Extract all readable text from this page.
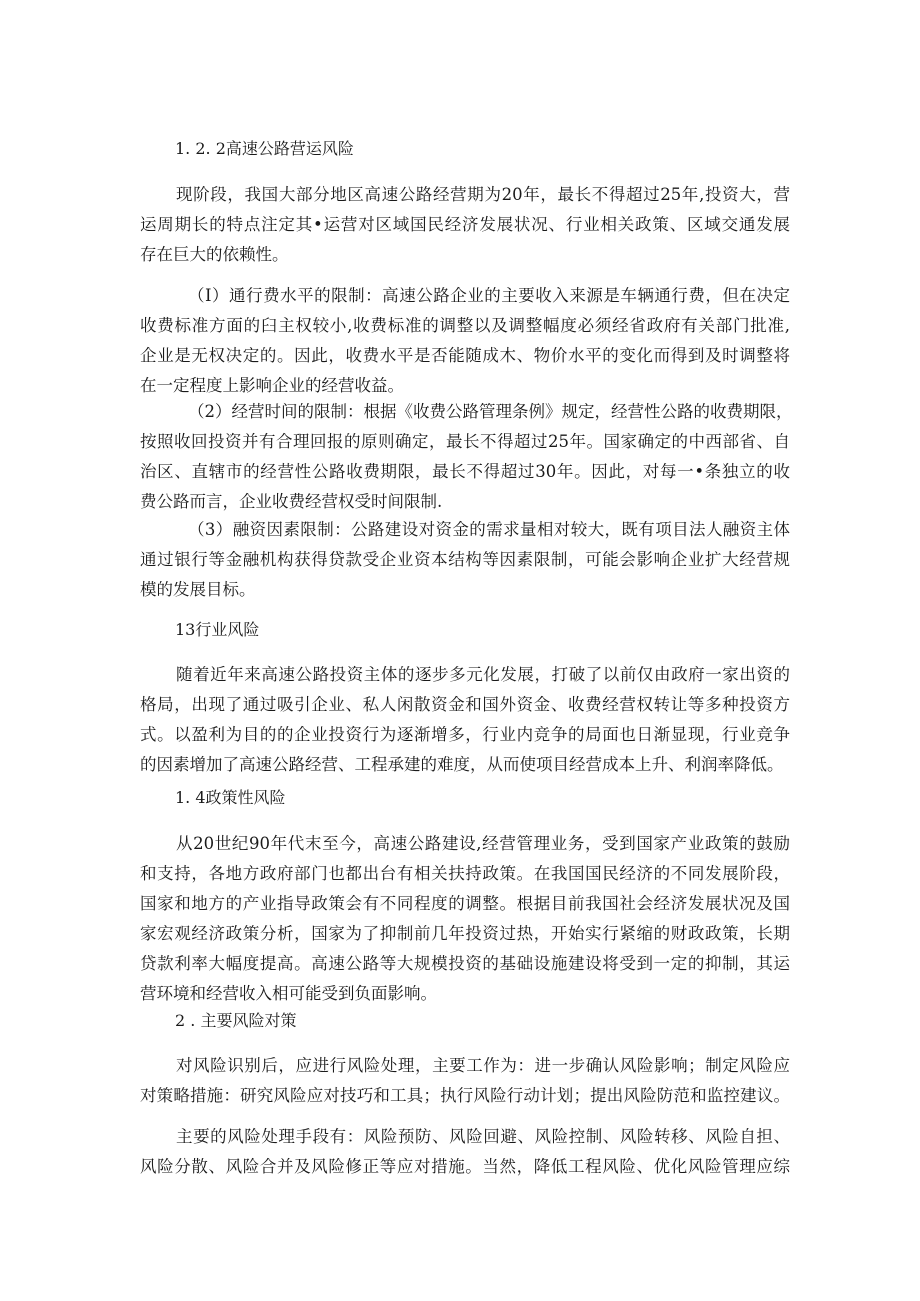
1. 2. 2高速公路营运风险
现阶段，我国大部分地区高速公路经营期为20年，最长不得超过25年,投资大，营
运周期长的特点注定其•运营对区域国民经济发展状况、行业相关政策、区域交通发展
存在巨大的依赖性。
（I）通行费水平的限制：高速公路企业的主要收入来源是车辆通行费，但在决定
收费标准方面的臼主权较小,收费标准的调整以及调整幅度必须经省政府有关部门批准,
企业是无权决定的。因此，收费水平是否能随成木、物价水平的变化而得到及时调整将
在一定程度上影响企业的经营收益。
（2）经营时间的限制：根据《收费公路管理条例》规定，经营性公路的收费期限，
按照收回投资并有合理回报的原则确定，最长不得超过25年。国家确定的中西部省、自
治区、直辖市的经营性公路收费期限，最长不得超过30年。因此，对每一•条独立的收
费公路而言，企业收费经营权受时间限制.
（3）融资因素限制：公路建设对资金的需求量相对较大，既有项目法人融资主体
通过银行等金融机构获得贷款受企业资本结构等因素限制，可能会影响企业扩大经营规
模的发展目标。
13行业风险
随着近年来高速公路投资主体的逐步多元化发展，打破了以前仅由政府一家出资的
格局，出现了通过吸引企业、私人闲散资金和国外资金、收费经营权转让等多种投资方
式。以盈利为目的的企业投资行为逐渐增多，行业内竞争的局面也日渐显现，行业竞争
的因素增加了高速公路经营、工程承建的难度，从而使项目经营成本上升、利润率降低。
1. 4政策性风险
从20世纪90年代末至今，高速公路建设,经营管理业务，受到国家产业政策的鼓励
和支持，各地方政府部门也都出台有相关扶持政策。在我国国民经济的不同发展阶段，
国家和地方的产业指导政策会有不同程度的调整。根据目前我国社会经济发展状况及国
家宏观经济政策分析，国家为了抑制前几年投资过热，开始实行紧缩的财政政策，长期
贷款利率大幅度提高。高速公路等大规模投资的基础设施建设将受到一定的抑制，其运
营环境和经营收入相可能受到负面影响。
2 . 主要风险对策
对风险识别后，应进行风险处理，主要工作为：进一步确认风险影响；制定风险应
对策略措施：研究风险应对技巧和工具；执行风险行动计划；提出风险防范和监控建议。
主要的风险处理手段有：风险预防、风险回避、风险控制、风险转移、风险自担、
风险分散、风险合并及风险修正等应对措施。当然，降低工程风险、优化风险管理应综
